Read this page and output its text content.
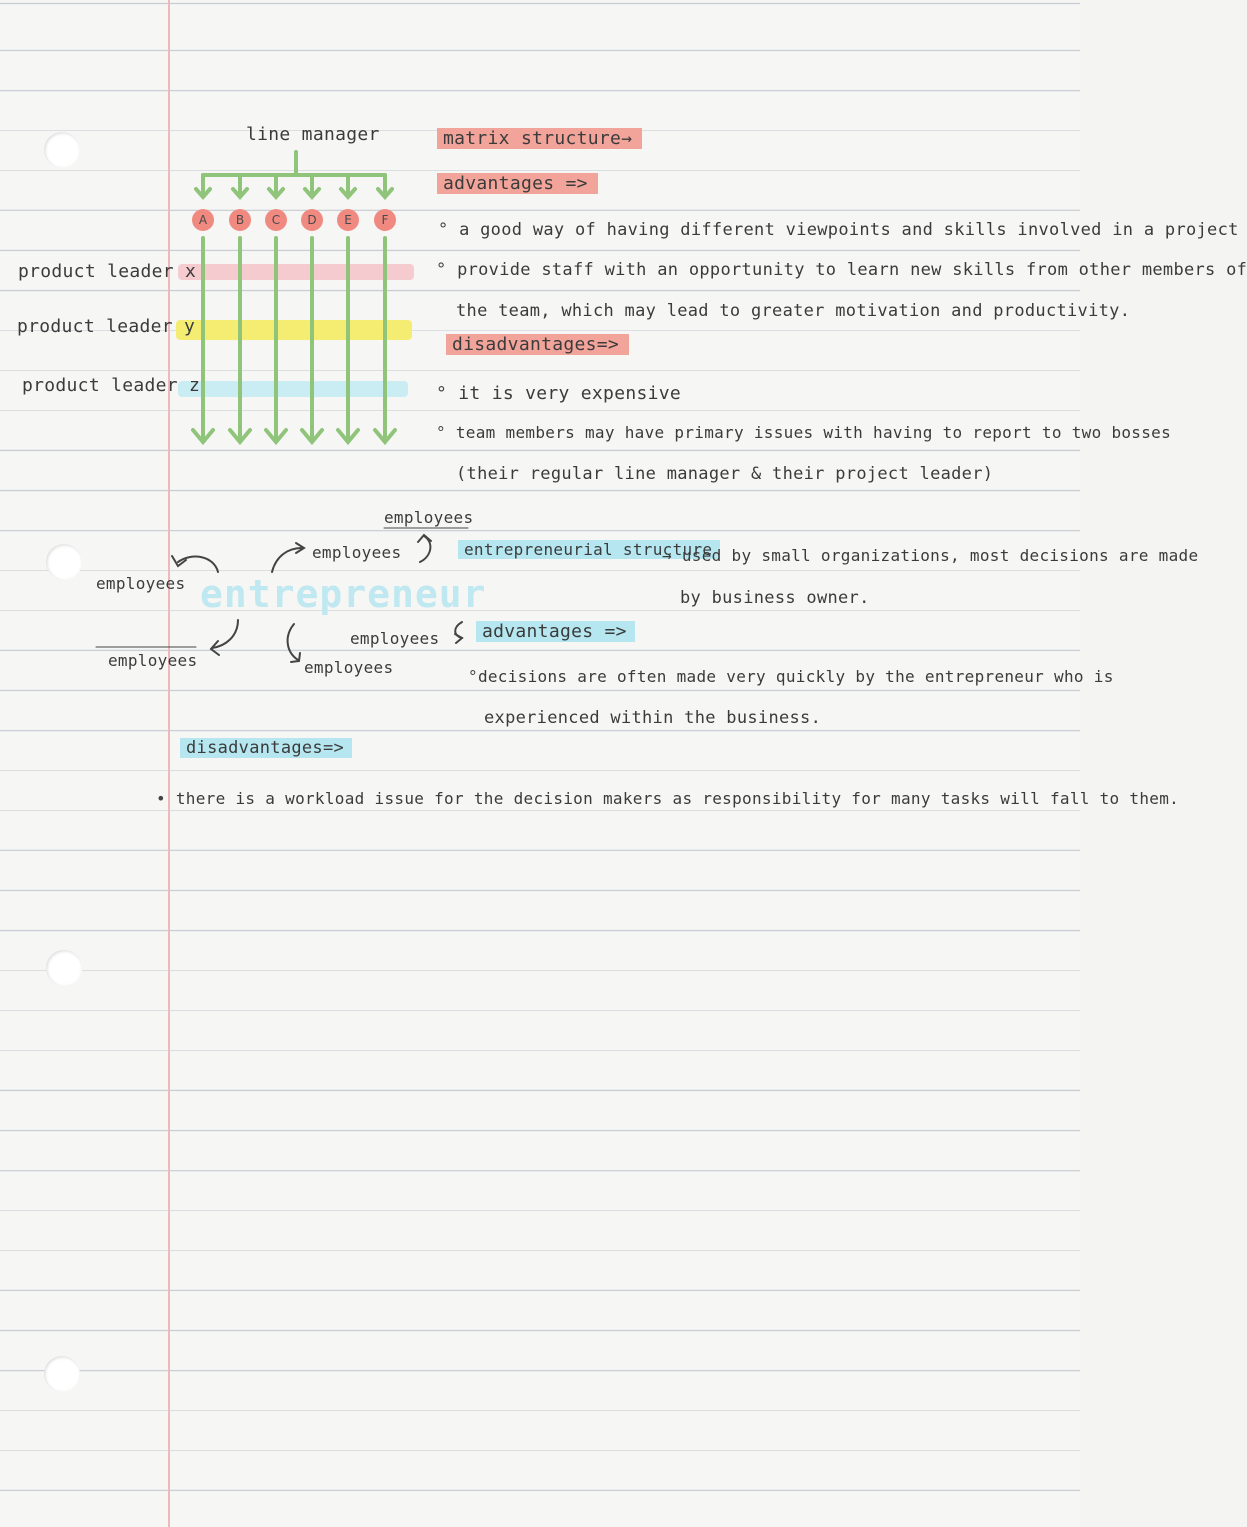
A B C D E F
line manager
product leader x
product leader y
product leader z
matrix structure→
advantages =>
° a good way of having different viewpoints and skills involved in a project
° provide staff with an opportunity to learn new skills from other members of
the team, which may lead to greater motivation and productivity.
disadvantages=>
° it is very expensive
° team members may have primary issues with having to report to two bosses
(their regular line manager & their project leader)
entrepreneur
employees
employees
employees
employees
employees	employees
entrepreneurial structure
→ used by small organizations, most decisions are made
by business owner.
advantages =>
°decisions are often made very quickly by the entrepreneur who is
experienced within the business.
disadvantages=>
• there is a workload issue for the decision makers as responsibility for many tasks will fall to them.
